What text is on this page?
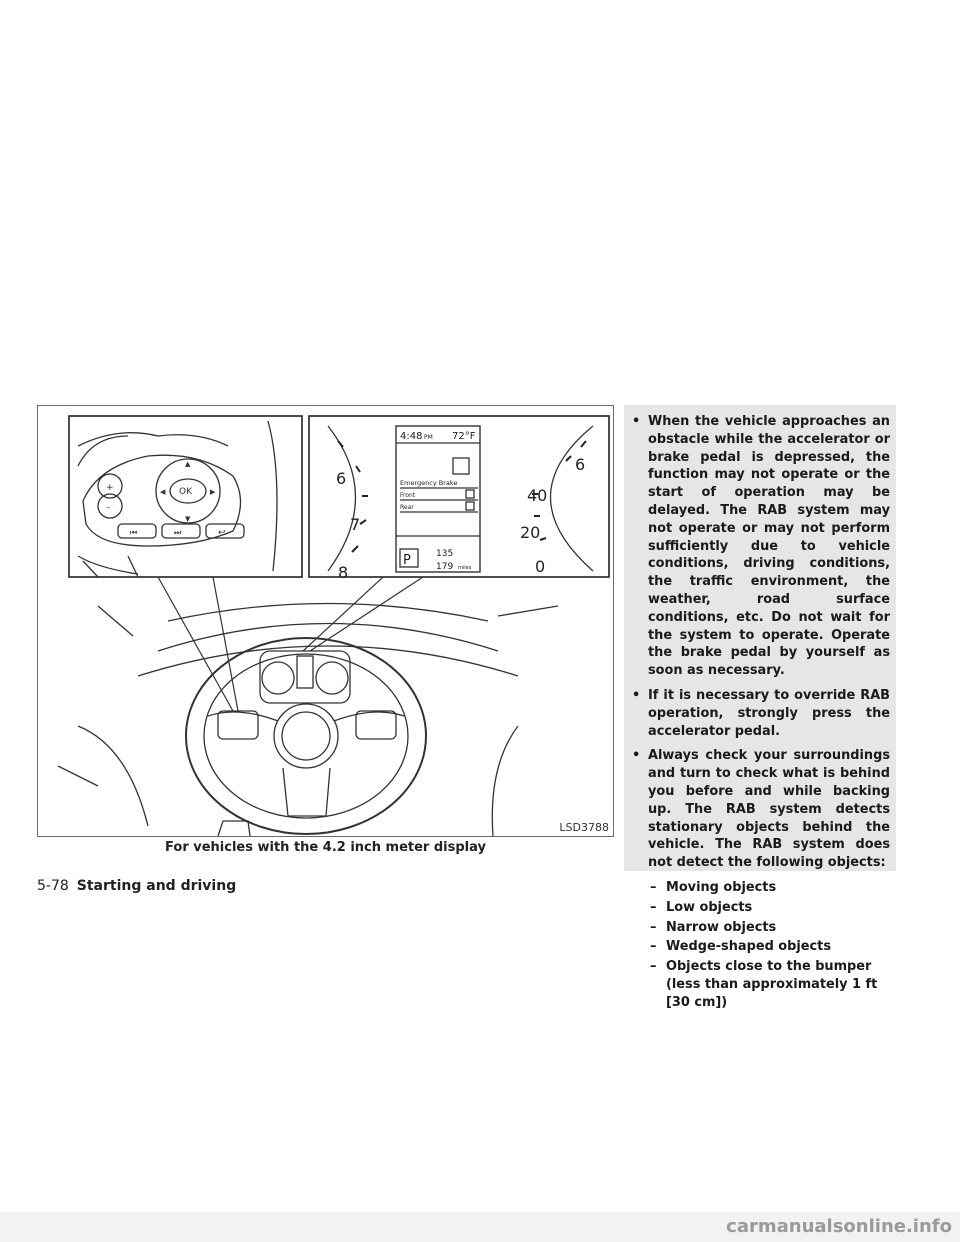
+
–
OK
▲
▼
◀	▶
⏮	⏭	↩
6
7
8
6
40
20
0
4:48 PM 72°F
Emergency Brake
Front
Rear
P	135
179 miles
LSD3788
For vehicles with the 4.2 inch meter display
• When the vehicle approaches an obstacle while the accelerator or brake pedal is depressed, the function may not operate or the start of operation may be delayed. The RAB system may not operate or may not perform sufficiently due to vehicle conditions, driving conditions, the traffic environment, the weather, road surface conditions, etc. Do not wait for the system to operate. Operate the brake pedal by yourself as soon as necessary.
• If it is necessary to override RAB operation, strongly press the accelerator pedal.
• Always check your surroundings and turn to check what is behind you before and while backing up. The RAB system detects stationary objects behind the vehicle. The RAB system does not detect the following objects:
– Moving objects
– Low objects
– Narrow objects
– Wedge-shaped objects
– Objects close to the bumper (less than approximately 1 ft [30 cm])
5-78 Starting and driving
carmanualsonline.info
